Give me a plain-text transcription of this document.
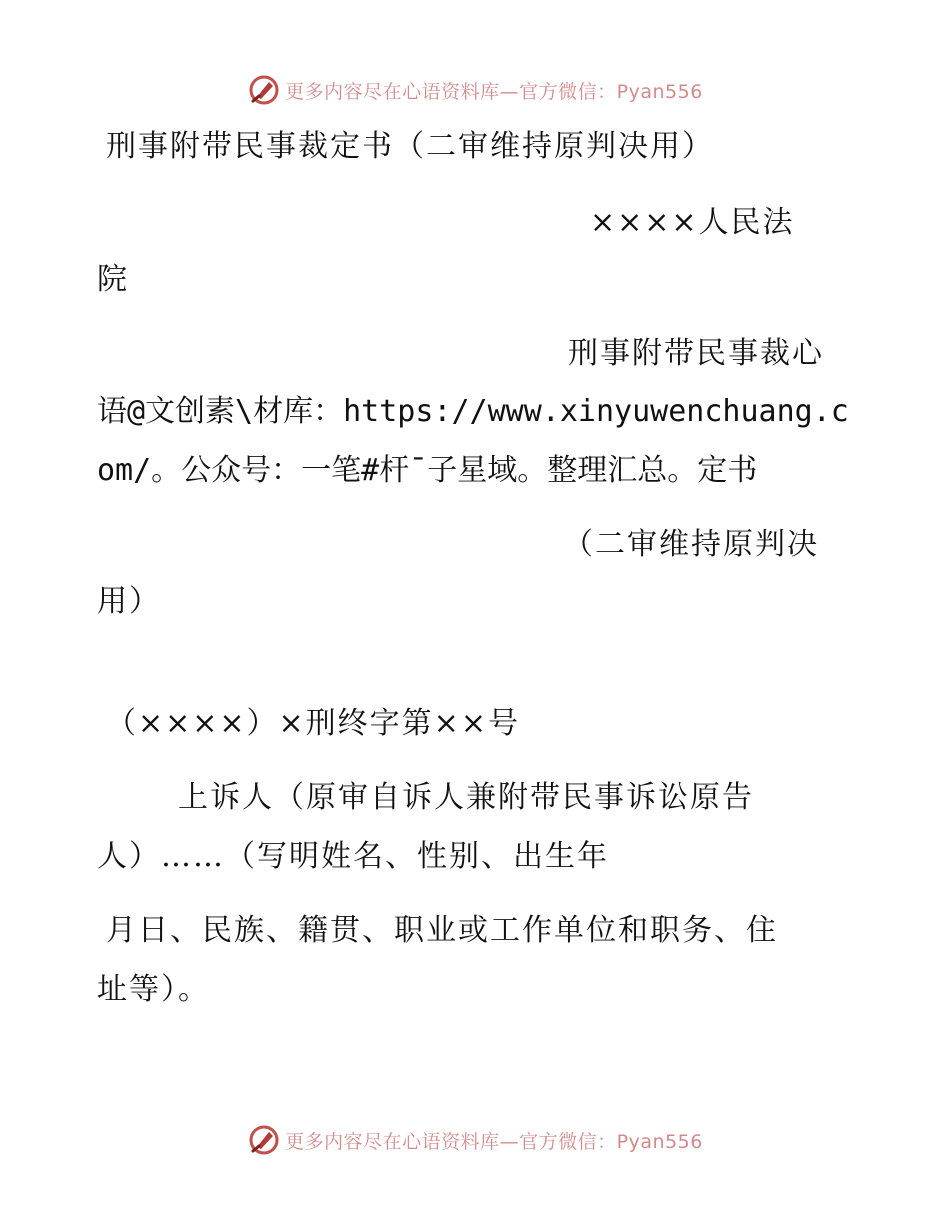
更多内容尽在心语资料库—官方微信：Pyan556
刑事附带民事裁定书（二审维持原判决用）
××××人民法
院
刑事附带民事裁心
语@文创素\材库：https://www.xinyuwenchuang.c
om/。公众号：一笔#杆¯子星域。整理汇总。定书
（二审维持原判决
用）
（××××）×刑终字第××号
上诉人（原审自诉人兼附带民事诉讼原告
人）……（写明姓名、性别、出生年
月日、民族、籍贯、职业或工作单位和职务、住
址等）。
更多内容尽在心语资料库—官方微信：Pyan556
